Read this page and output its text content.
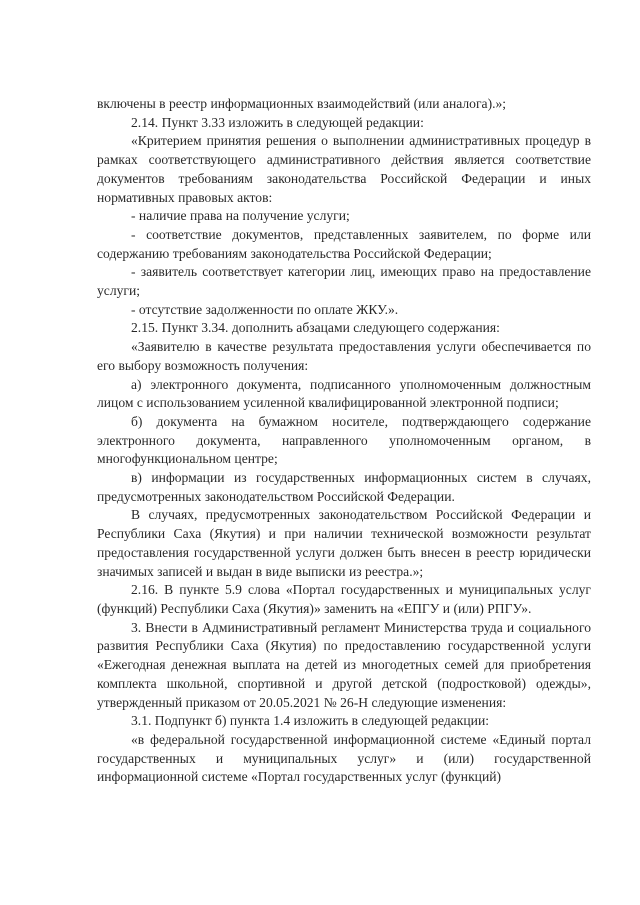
включены в реестр информационных взаимодействий (или аналога).»;

2.14. Пункт 3.33 изложить в следующей редакции:

«Критерием принятия решения о выполнении административных процедур в рамках соответствующего административного действия является соответствие документов требованиям законодательства Российской Федерации и иных нормативных правовых актов:

- наличие права на получение услуги;

- соответствие документов, представленных заявителем, по форме или содержанию требованиям законодательства Российской Федерации;

- заявитель соответствует категории лиц, имеющих право на предоставление услуги;

- отсутствие задолженности по оплате ЖКУ.».

2.15. Пункт 3.34. дополнить абзацами следующего содержания:

«Заявителю в качестве результата предоставления услуги обеспечивается по его выбору возможность получения:

а) электронного документа, подписанного уполномоченным должностным лицом с использованием усиленной квалифицированной электронной подписи;

б) документа на бумажном носителе, подтверждающего содержание электронного документа, направленного уполномоченным органом, в многофункциональном центре;

в) информации из государственных информационных систем в случаях, предусмотренных законодательством Российской Федерации.

В случаях, предусмотренных законодательством Российской Федерации и Республики Саха (Якутия) и при наличии технической возможности результат предоставления государственной услуги должен быть внесен в реестр юридически значимых записей и выдан в виде выписки из реестра.»;

2.16. В пункте 5.9 слова «Портал государственных и муниципальных услуг (функций) Республики Саха (Якутия)» заменить на «ЕПГУ и (или) РПГУ».

3. Внести в Административный регламент Министерства труда и социального развития Республики Саха (Якутия) по предоставлению государственной услуги «Ежегодная денежная выплата на детей из многодетных семей для приобретения комплекта школьной, спортивной и другой детской (подростковой) одежды», утвержденный приказом от 20.05.2021 № 26-Н следующие изменения:

3.1. Подпункт б) пункта 1.4 изложить в следующей редакции:

«в федеральной государственной информационной системе «Единый портал государственных и муниципальных услуг» и (или) государственной информационной системе «Портал государственных услуг (функций)
